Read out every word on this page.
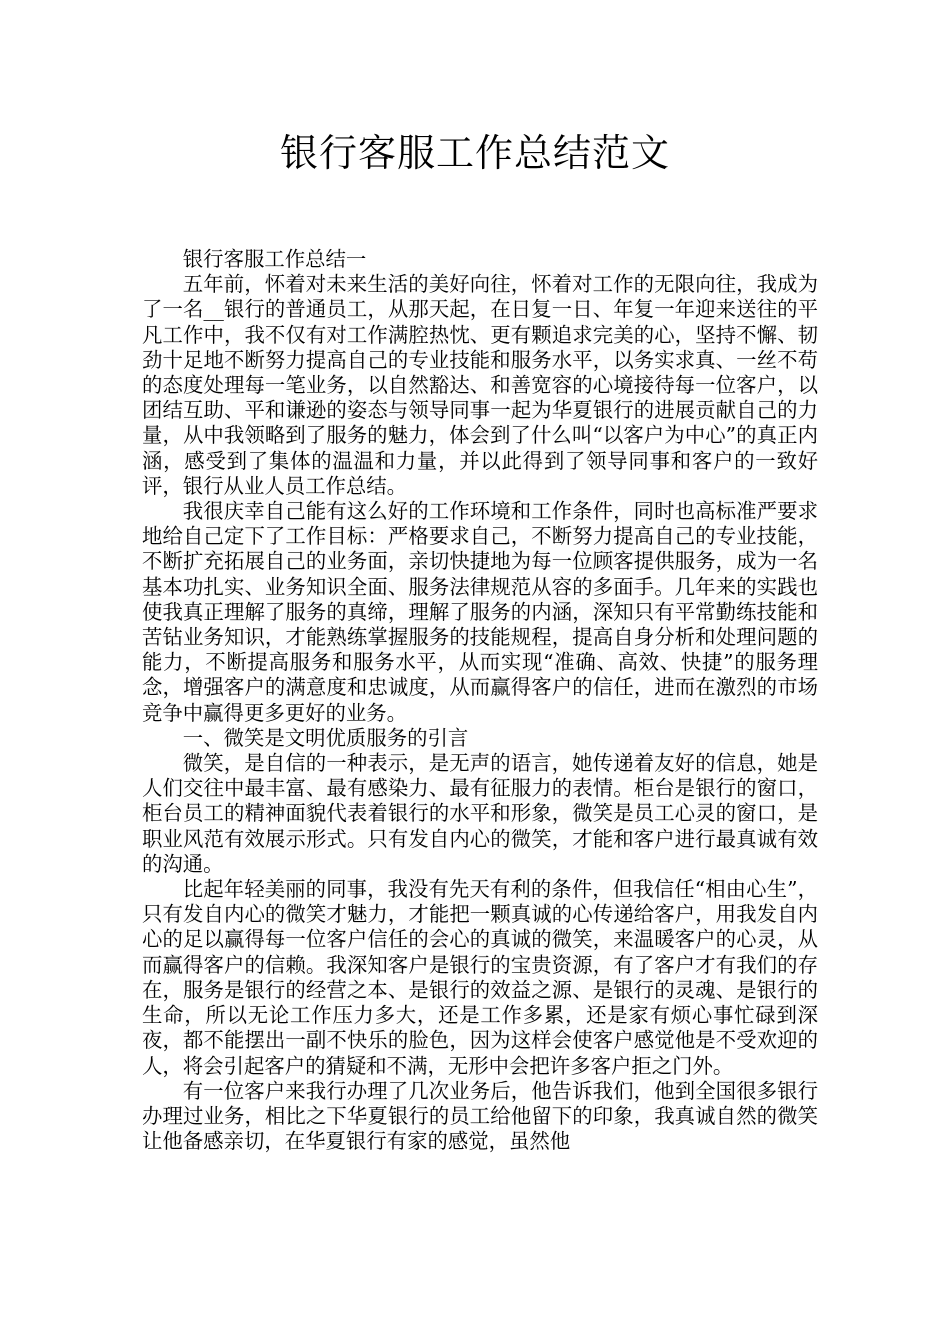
银行客服工作总结范文

银行客服工作总结一

五年前，怀着对未来生活的美好向往，怀着对工作的无限向往，我成为了一名__银行的普通员工，从那天起，在日复一日、年复一年迎来送往的平凡工作中，我不仅有对工作满腔热忱、更有颗追求完美的心，坚持不懈、韧劲十足地不断努力提高自己的专业技能和服务水平，以务实求真、一丝不苟的态度处理每一笔业务，以自然豁达、和善宽容的心境接待每一位客户，以团结互助、平和谦逊的姿态与领导同事一起为华夏银行的进展贡献自己的力量，从中我领略到了服务的魅力，体会到了什么叫“以客户为中心”的真正内涵，感受到了集体的温温和力量，并以此得到了领导同事和客户的一致好评，银行从业人员工作总结。

我很庆幸自己能有这么好的工作环境和工作条件，同时也高标准严要求地给自己定下了工作目标：严格要求自己，不断努力提高自己的专业技能，不断扩充拓展自己的业务面，亲切快捷地为每一位顾客提供服务，成为一名基本功扎实、业务知识全面、服务法律规范从容的多面手。几年来的实践也使我真正理解了服务的真缔，理解了服务的内涵，深知只有平常勤练技能和苦钻业务知识，才能熟练掌握服务的技能规程，提高自身分析和处理问题的能力，不断提高服务和服务水平，从而实现“准确、高效、快捷”的服务理念，增强客户的满意度和忠诚度，从而赢得客户的信任，进而在激烈的市场竞争中赢得更多更好的业务。

一、微笑是文明优质服务的引言

微笑，是自信的一种表示，是无声的语言，她传递着友好的信息，她是人们交往中最丰富、最有感染力、最有征服力的表情。柜台是银行的窗口，柜台员工的精神面貌代表着银行的水平和形象，微笑是员工心灵的窗口，是职业风范有效展示形式。只有发自内心的微笑，才能和客户进行最真诚有效的沟通。

比起年轻美丽的同事，我没有先天有利的条件，但我信任“相由心生”，只有发自内心的微笑才魅力，才能把一颗真诚的心传递给客户，用我发自内心的足以赢得每一位客户信任的会心的真诚的微笑，来温暖客户的心灵，从而赢得客户的信赖。我深知客户是银行的宝贵资源，有了客户才有我们的存在，服务是银行的经营之本、是银行的效益之源、是银行的灵魂、是银行的生命，所以无论工作压力多大，还是工作多累，还是家有烦心事忙碌到深夜，都不能摆出一副不快乐的脸色，因为这样会使客户感觉他是不受欢迎的人，将会引起客户的猜疑和不满，无形中会把许多客户拒之门外。

有一位客户来我行办理了几次业务后，他告诉我们，他到全国很多银行办理过业务，相比之下华夏银行的员工给他留下的印象，我真诚自然的微笑让他备感亲切，在华夏银行有家的感觉，虽然他
